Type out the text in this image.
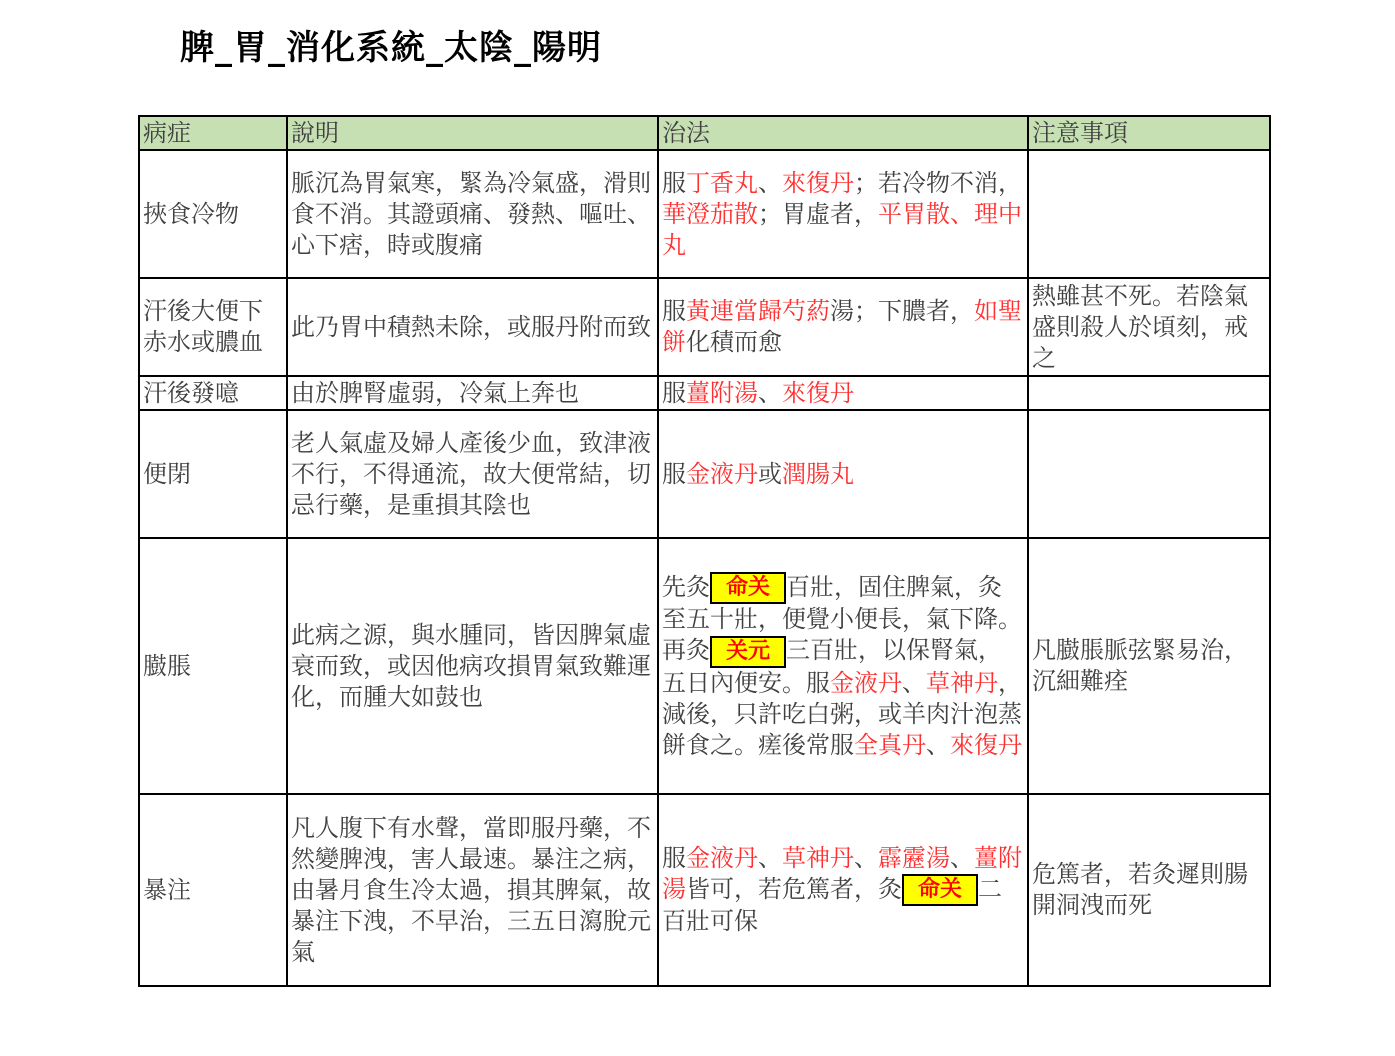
脾_胃_消化系統_太陰_陽明
病症	說明	治法	注意事項
挾食冷物	脈沉為胃氣寒，緊為冷氣盛，滑則食不消。其證頭痛、發熱、嘔吐、心下痞，時或腹痛	服丁香丸、來復丹；若冷物不消，華澄茄散；胃虛者，平胃散、理中丸	
汗後大便下赤水或膿血	此乃胃中積熱未除，或服丹附而致	服黃連當歸芍葯湯；下膿者，如聖餅化積而愈	熱雖甚不死。若陰氣盛則殺人於頃刻，戒之
汗後發噫	由於脾腎虛弱，冷氣上奔也	服薑附湯、來復丹	
便閉	老人氣虛及婦人產後少血，致津液不行，不得通流，故大便常結，切忌行藥，是重損其陰也	服金液丹或潤腸丸	
臌脹	此病之源，與水腫同，皆因脾氣虛衰而致，或因他病攻損胃氣致難運化，而腫大如鼓也	先灸 命关 百壯，固住脾氣，灸至五十壯，便覺小便長，氣下降。再灸 关元 三百壯，以保腎氣，五日內便安。服金液丹、草神丹，減後，只許吃白粥，或羊肉汁泡蒸餅食之。瘥後常服全真丹、來復丹	凡臌脹脈弦緊易治，沉細難痊
暴注	凡人腹下有水聲，當即服丹藥，不然變脾洩，害人最速。暴注之病，由暑月食生冷太過，損其脾氣，故暴注下洩，不早治，三五日瀉脫元氣	服金液丹、草神丹、霹靂湯、薑附湯皆可，若危篤者，灸 命关 二百壯可保	危篤者，若灸遲則腸開洞洩而死
